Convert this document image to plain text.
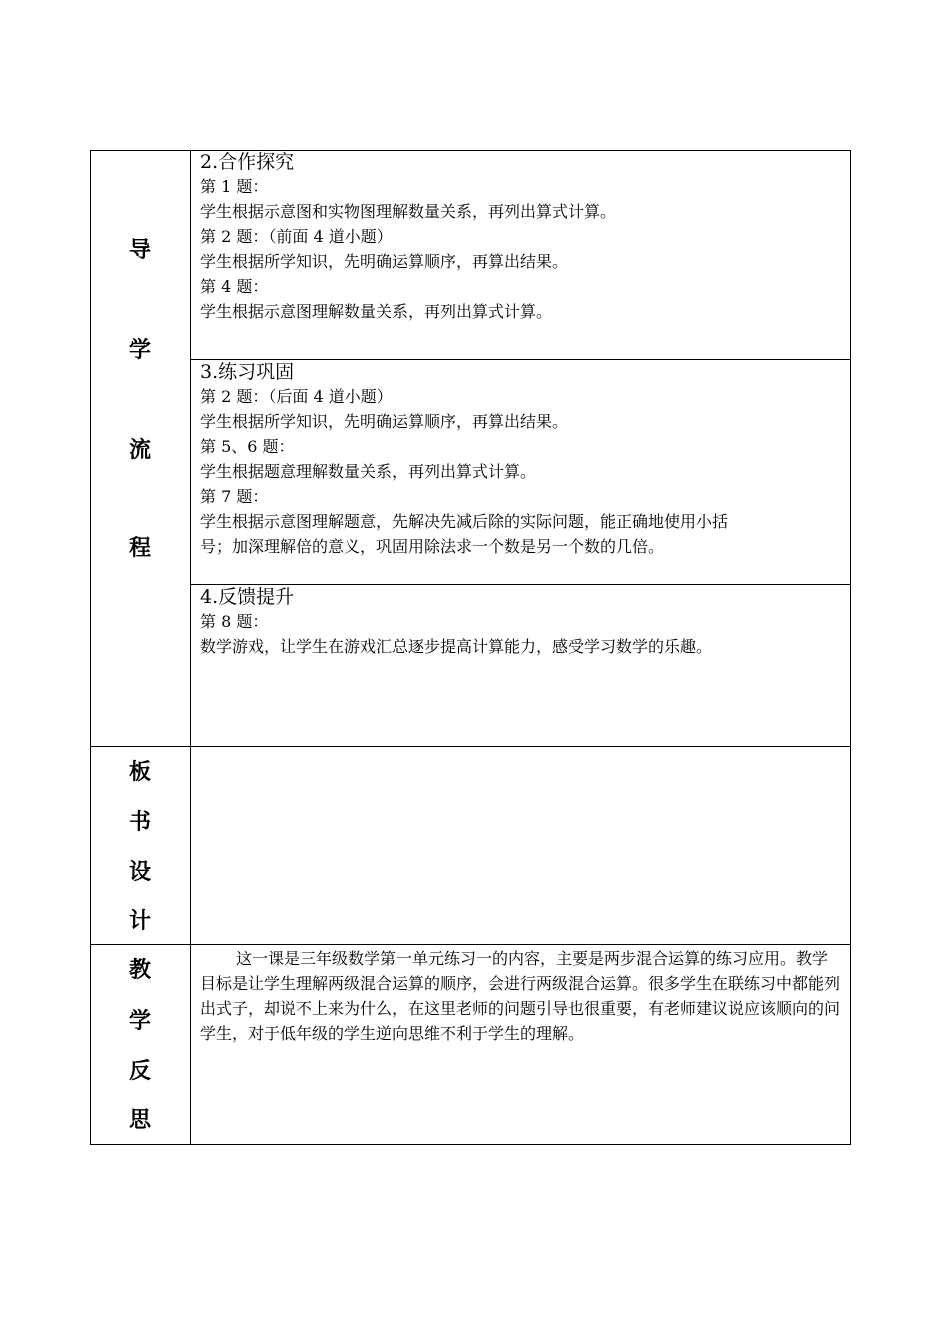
导
学
流
程
2.合作探究
第 1 题：
学生根据示意图和实物图理解数量关系，再列出算式计算。
第 2 题：（前面 4 道小题）
学生根据所学知识，先明确运算顺序，再算出结果。
第 4 题：
学生根据示意图理解数量关系，再列出算式计算。
3.练习巩固
第 2 题：（后面 4 道小题）
学生根据所学知识，先明确运算顺序，再算出结果。
第 5、6 题：
学生根据题意理解数量关系，再列出算式计算。
第 7 题：
学生根据示意图理解题意，先解决先减后除的实际问题，能正确地使用小括
号；加深理解倍的意义，巩固用除法求一个数是另一个数的几倍。
4.反馈提升
第 8 题：
数学游戏，让学生在游戏汇总逐步提高计算能力，感受学习数学的乐趣。
板
书
设
计
教
学
反
思
这一课是三年级数学第一单元练习一的内容，主要是两步混合运算的练习应用。教学目标是让学生理解两级混合运算的顺序，会进行两级混合运算。很多学生在联练习中都能列出式子，却说不上来为什么，在这里老师的问题引导也很重要，有老师建议说应该顺向的问学生，对于低年级的学生逆向思维不利于学生的理解。
